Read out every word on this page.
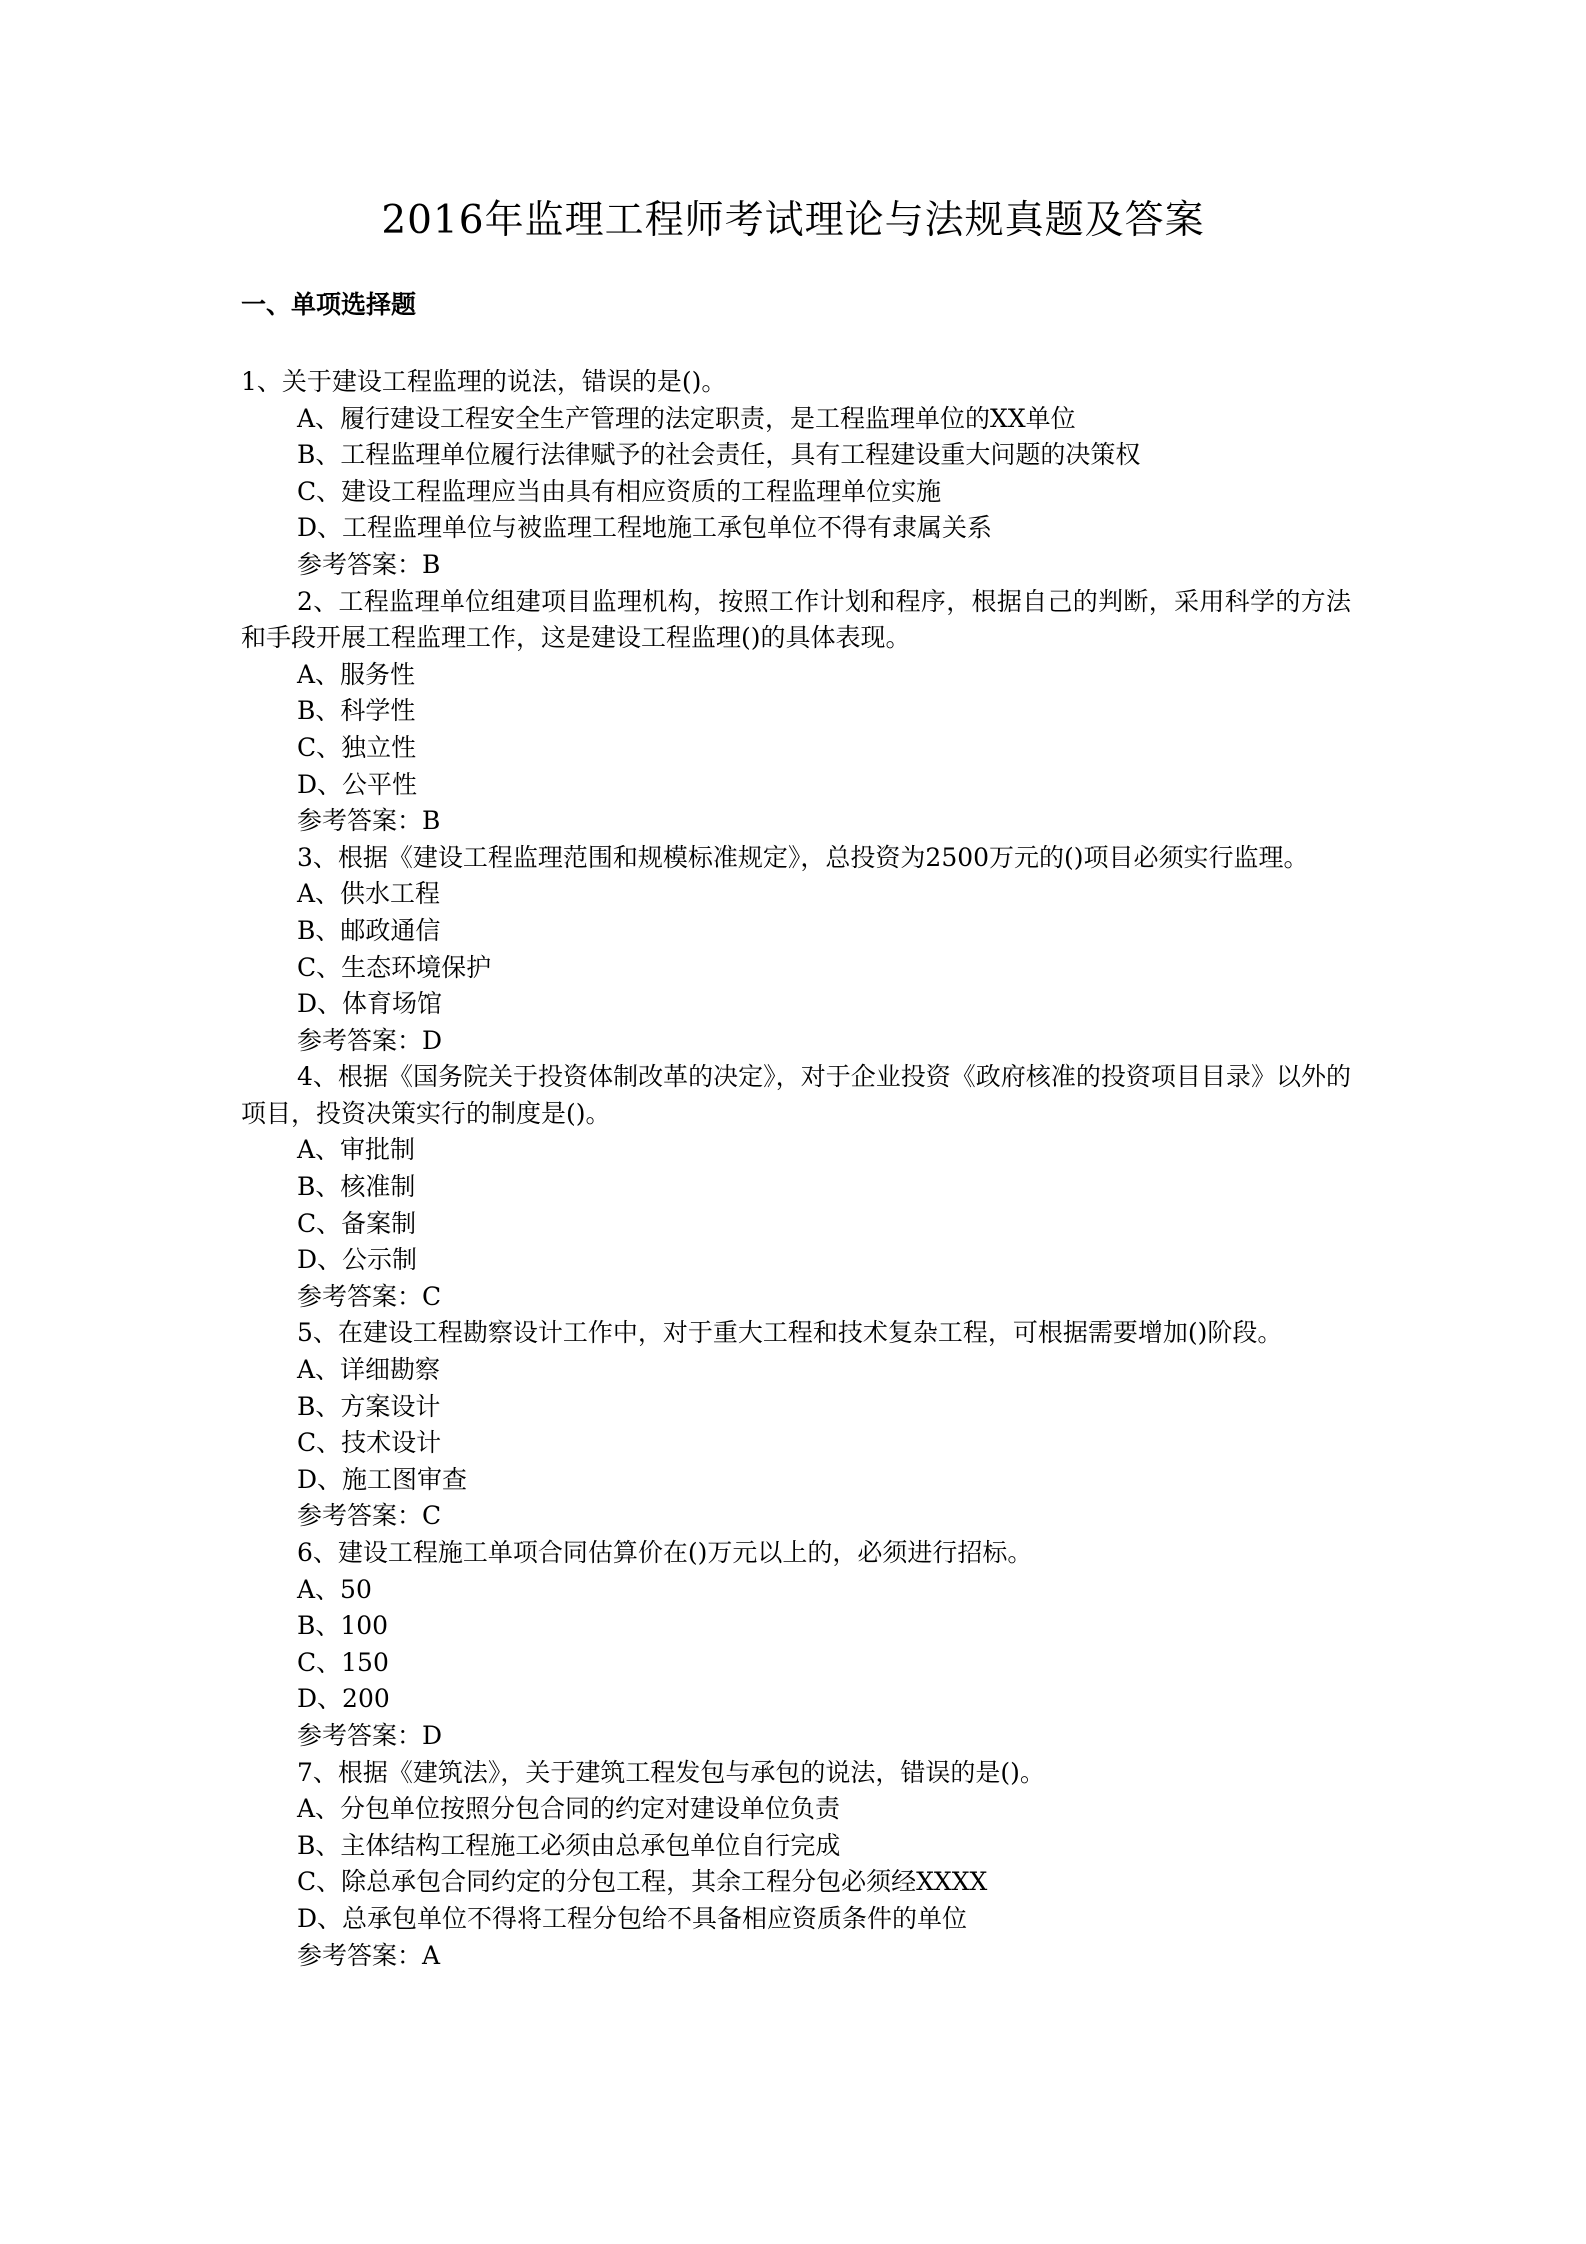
2016年监理工程师考试理论与法规真题及答案
一、单项选择题
1、关于建设工程监理的说法，错误的是()。
A、履行建设工程安全生产管理的法定职责，是工程监理单位的XX单位
B、工程监理单位履行法律赋予的社会责任，具有工程建设重大问题的决策权
C、建设工程监理应当由具有相应资质的工程监理单位实施
D、工程监理单位与被监理工程地施工承包单位不得有隶属关系
参考答案：B
2、工程监理单位组建项目监理机构，按照工作计划和程序，根据自己的判断，采用科学的方法和手段开展工程监理工作，这是建设工程监理()的具体表现。
A、服务性
B、科学性
C、独立性
D、公平性
参考答案：B
3、根据《建设工程监理范围和规模标准规定》，总投资为2500万元的()项目必须实行监理。
A、供水工程
B、邮政通信
C、生态环境保护
D、体育场馆
参考答案：D
4、根据《国务院关于投资体制改革的决定》，对于企业投资《政府核准的投资项目目录》以外的项目，投资决策实行的制度是()。
A、审批制
B、核准制
C、备案制
D、公示制
参考答案：C
5、在建设工程勘察设计工作中，对于重大工程和技术复杂工程，可根据需要增加()阶段。
A、详细勘察
B、方案设计
C、技术设计
D、施工图审查
参考答案：C
6、建设工程施工单项合同估算价在()万元以上的，必须进行招标。
A、50
B、100
C、150
D、200
参考答案：D
7、根据《建筑法》，关于建筑工程发包与承包的说法，错误的是()。
A、分包单位按照分包合同的约定对建设单位负责
B、主体结构工程施工必须由总承包单位自行完成
C、除总承包合同约定的分包工程，其余工程分包必须经XXXX
D、总承包单位不得将工程分包给不具备相应资质条件的单位
参考答案：A
